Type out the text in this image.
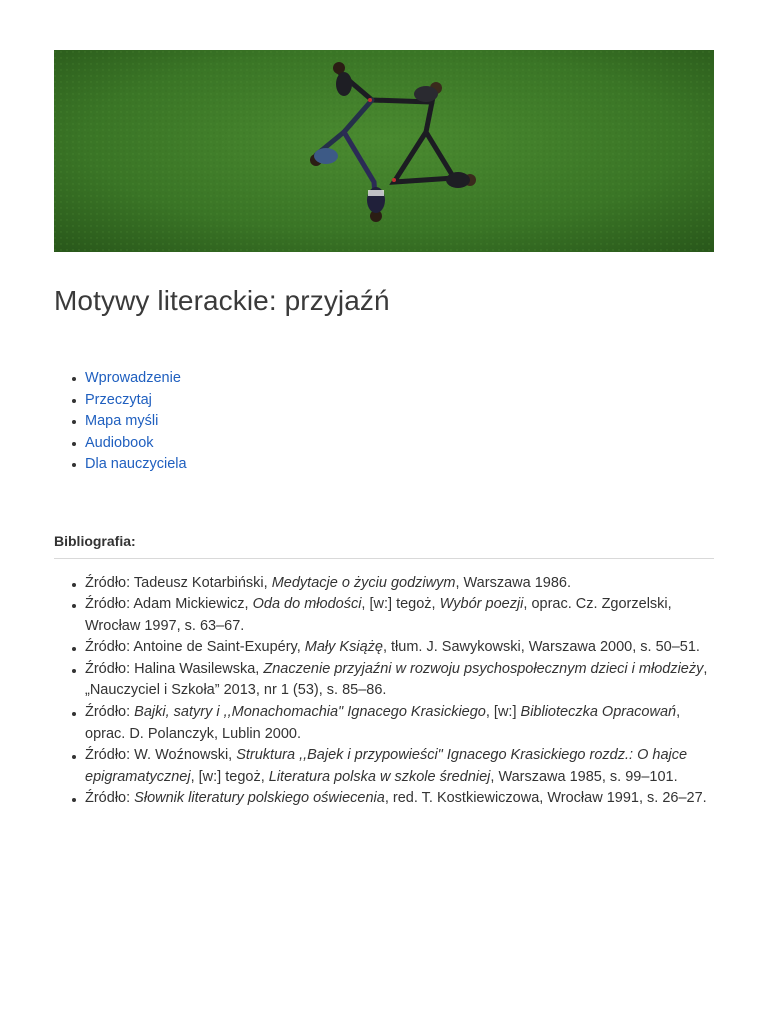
Motywy literackie: przyjaźń
Wprowadzenie
Przeczytaj
Mapa myśli
Audiobook
Dla nauczyciela
Bibliografia:
Źródło: Tadeusz Kotarbiński, Medytacje o życiu godziwym, Warszawa 1986.
Źródło: Adam Mickiewicz, Oda do młodości, [w:] tegoż, Wybór poezji, oprac. Cz. Zgorzelski, Wrocław 1997, s. 63–67.
Źródło: Antoine de Saint-Exupéry, Mały Książę, tłum. J. Sawykowski, Warszawa 2000, s. 50–51.
Źródło: Halina Wasilewska, Znaczenie przyjaźni w rozwoju psychospołecznym dzieci i młodzieży, „Nauczyciel i Szkoła” 2013, nr 1 (53), s. 85–86.
Źródło: Bajki, satyry i ,,Monachomachia" Ignacego Krasickiego, [w:] Biblioteczka Opracowań, oprac. D. Polanczyk, Lublin 2000.
Źródło: W. Woźnowski, Struktura ,,Bajek i przypowieści" Ignacego Krasickiego rozdz.: O hajce epigramatycznej, [w:] tegoż, Literatura polska w szkole średniej, Warszawa 1985, s. 99–101.
Źródło: Słownik literatury polskiego oświecenia, red. T. Kostkiewiczowa, Wrocław 1991, s. 26–27.
